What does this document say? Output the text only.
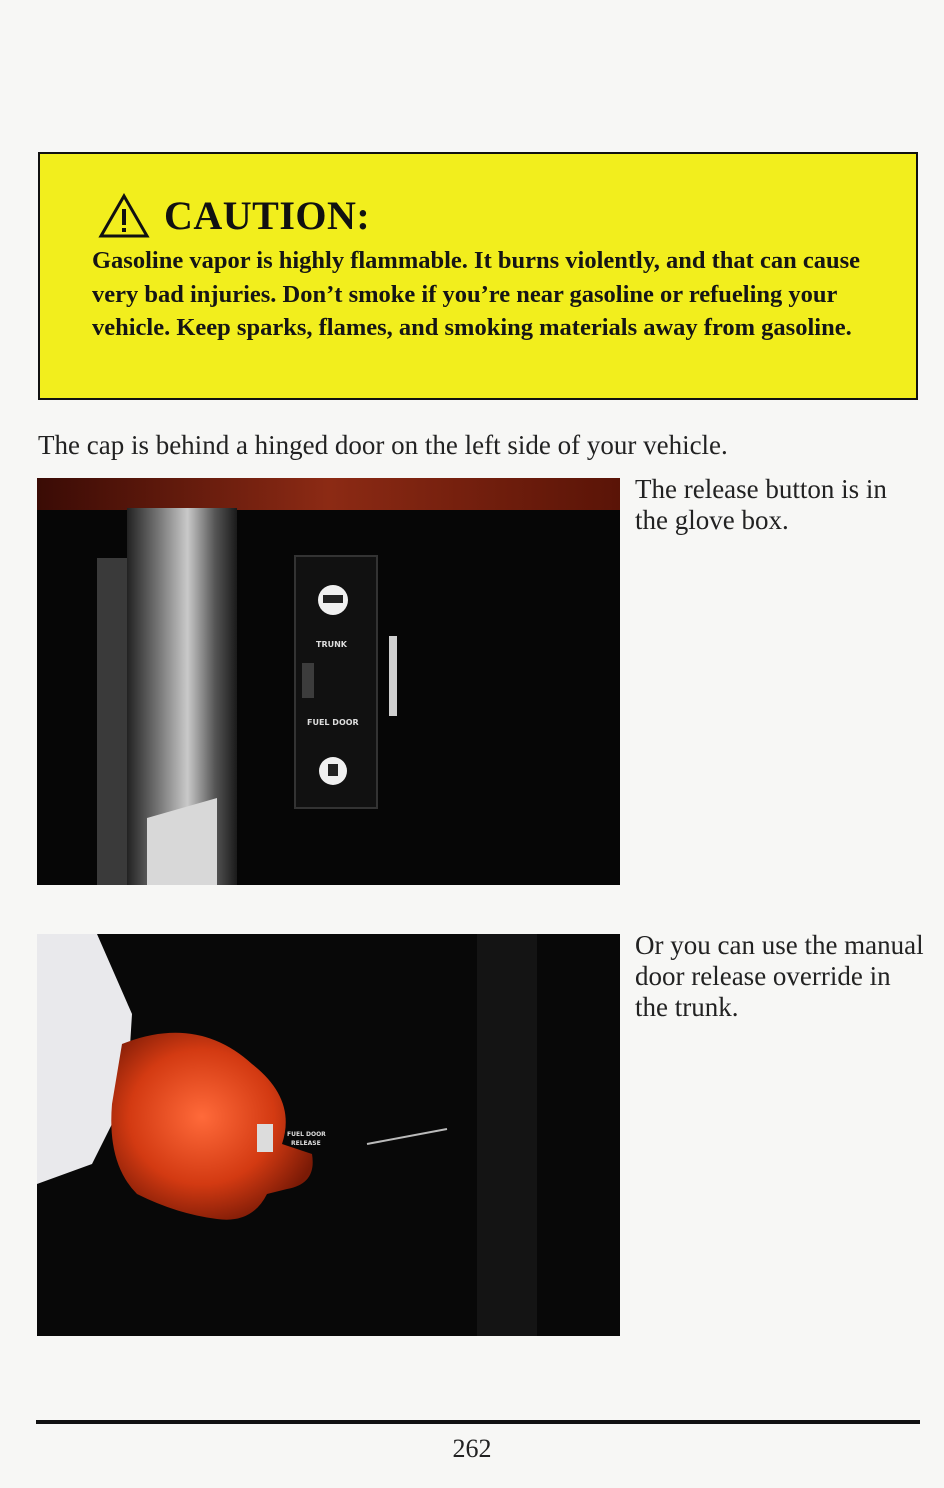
CAUTION:
Gasoline vapor is highly flammable. It burns violently, and that can cause very bad injuries. Don’t smoke if you’re near gasoline or refueling your vehicle. Keep sparks, flames, and smoking materials away from gasoline.
The cap is behind a hinged door on the left side of your vehicle.
TRUNK
FUEL DOOR
The release button is in the glove box.
FUEL DOOR
RELEASE
Or you can use the manual door release override in the trunk.
262
